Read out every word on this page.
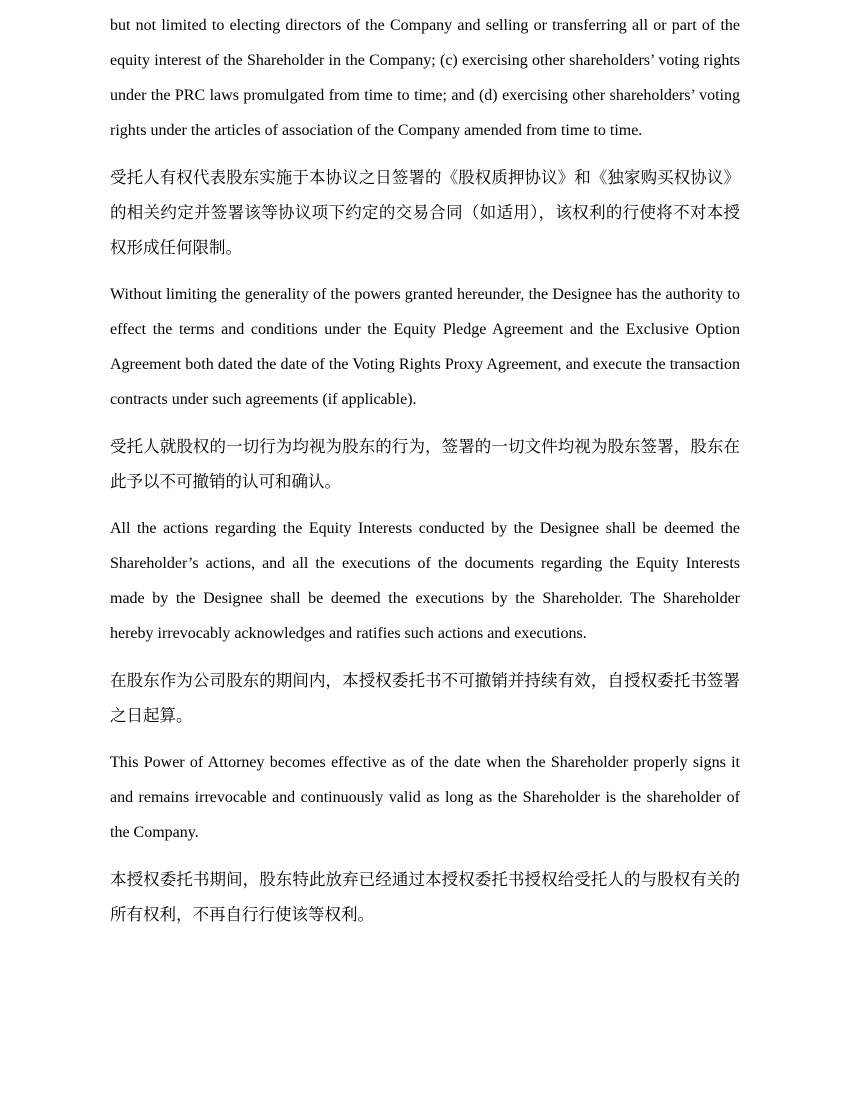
but not limited to electing directors of the Company and selling or transferring all or part of the equity interest of the Shareholder in the Company; (c) exercising other shareholders’ voting rights under the PRC laws promulgated from time to time; and (d) exercising other shareholders’ voting rights under the articles of association of the Company amended from time to time.

受托人有权代表股东实施于本协议之日签署的《股权质押协议》和《独家购买权协议》的相关约定并签署该等协议项下约定的交易合同（如适用），该权利的行使将不对本授权形成任何限制。

Without limiting the generality of the powers granted hereunder, the Designee has the authority to effect the terms and conditions under the Equity Pledge Agreement and the Exclusive Option Agreement both dated the date of the Voting Rights Proxy Agreement, and execute the transaction contracts under such agreements (if applicable).

受托人就股权的一切行为均视为股东的行为，签署的一切文件均视为股东签署，股东在此予以不可撤销的认可和确认。

All the actions regarding the Equity Interests conducted by the Designee shall be deemed the Shareholder’s actions, and all the executions of the documents regarding the Equity Interests made by the Designee shall be deemed the executions by the Shareholder. The Shareholder hereby irrevocably acknowledges and ratifies such actions and executions.

在股东作为公司股东的期间内，本授权委托书不可撤销并持续有效，自授权委托书签署之日起算。

This Power of Attorney becomes effective as of the date when the Shareholder properly signs it and remains irrevocable and continuously valid as long as the Shareholder is the shareholder of the Company.

本授权委托书期间，股东特此放弃已经通过本授权委托书授权给受托人的与股权有关的所有权利，不再自行行使该等权利。
